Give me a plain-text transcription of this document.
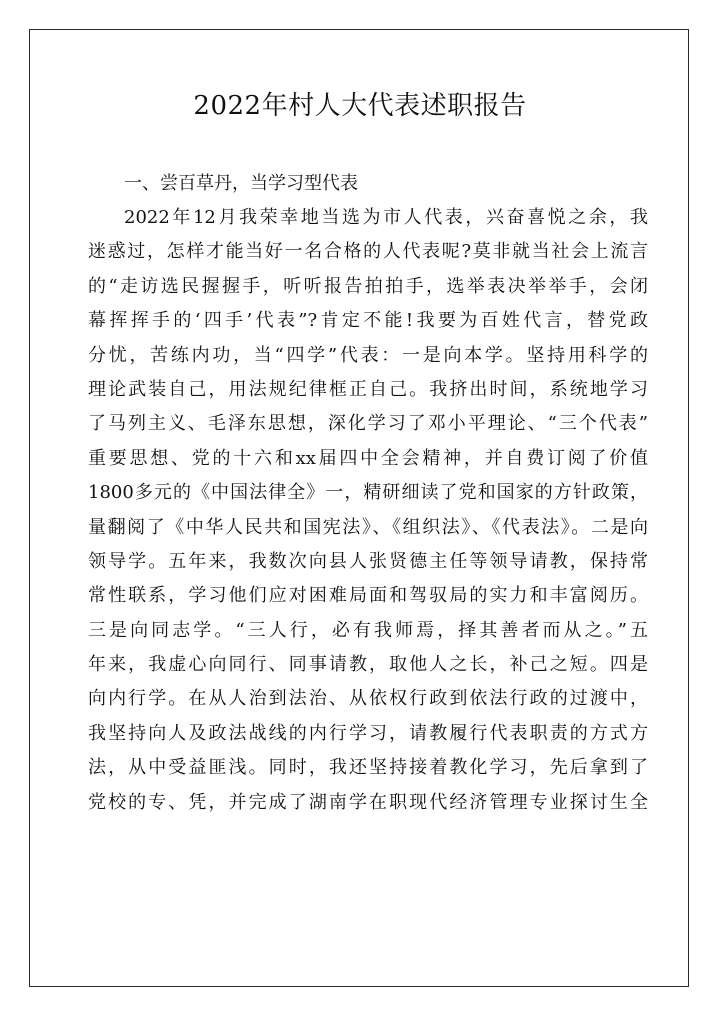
2022年村人大代表述职报告
一、尝百草丹，当学习型代表
2022年12月我荣幸地当选为市人代表，兴奋喜悦之余，我
迷惑过，怎样才能当好一名合格的人代表呢?莫非就当社会上流言
的“走访选民握握手，听听报告拍拍手，选举表决举举手，会闭
幕挥挥手的‘四手’代表”?肯定不能!我要为百姓代言，替党政
分忧，苦练内功，当“四学”代表：一是向本学。坚持用科学的
理论武装自己，用法规纪律框正自己。我挤出时间，系统地学习
了马列主义、毛泽东思想，深化学习了邓小平理论、“三个代表”
重要思想、党的十六和xx届四中全会精神，并自费订阅了价值
1800多元的《中国法律全》一，精研细读了党和国家的方针政策，
量翻阅了《中华人民共和国宪法》、《组织法》、《代表法》。二是向
领导学。五年来，我数次向县人张贤德主任等领导请教，保持常
常性联系，学习他们应对困难局面和驾驭局的实力和丰富阅历。
三是向同志学。“三人行，必有我师焉，择其善者而从之。”五
年来，我虚心向同行、同事请教，取他人之长，补己之短。四是
向内行学。在从人治到法治、从依权行政到依法行政的过渡中，
我坚持向人及政法战线的内行学习，请教履行代表职责的方式方
法，从中受益匪浅。同时，我还坚持接着教化学习，先后拿到了
党校的专、凭，并完成了湖南学在职现代经济管理专业探讨生全
